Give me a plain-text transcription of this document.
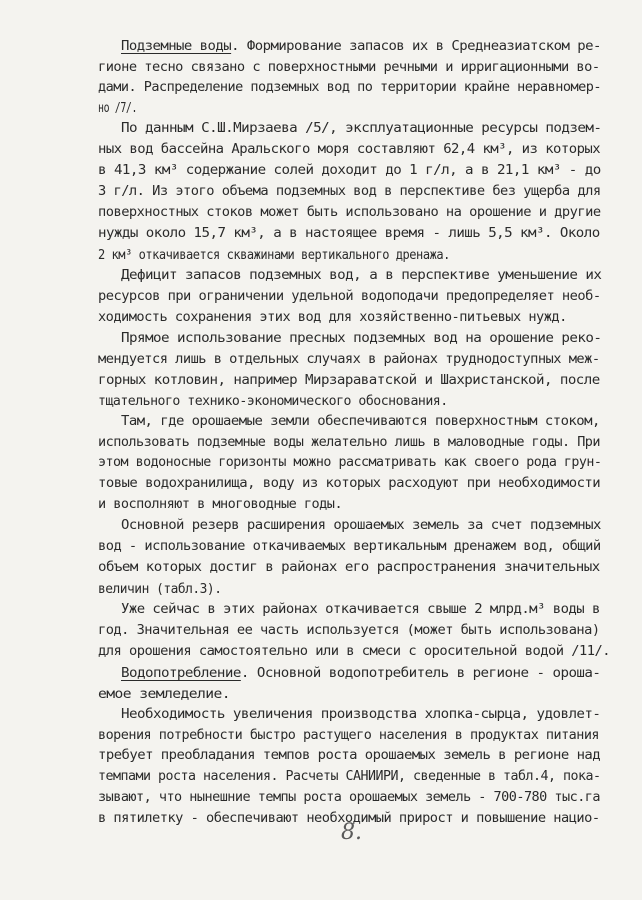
Подземные воды. Формирование запасов их в Среднеазиатском ре-
гионе тесно связано с поверхностными речными и ирригационными во-
дами. Распределение подземных вод по территории крайне неравномер-
но /7/.
По данным С.Ш.Мирзаева /5/, эксплуатационные ресурсы подзем-
ных вод бассейна Аральского моря составляют 62,4 км³, из которых
в 41,3 км³ содержание солей доходит до 1 г/л, а в 21,1 км³ - до
3 г/л. Из этого объема подземных вод в перспективе без ущерба для
поверхностных стоков может быть использовано на орошение и другие
нужды около 15,7 км³, а в настоящее время - лишь 5,5 км³. Около
2 км³ откачивается скважинами вертикального дренажа.
Дефицит запасов подземных вод, а в перспективе уменьшение их
ресурсов при ограничении удельной водоподачи предопределяет необ-
ходимость сохранения этих вод для хозяйственно-питьевых нужд.
Прямое использование пресных подземных вод на орошение реко-
мендуется лишь в отдельных случаях в районах труднодоступных меж-
горных котловин, например Мирзараватской и Шахристанской, после
тщательного технико-экономического обоснования.
Там, где орошаемые земли обеспечиваются поверхностным стоком,
использовать подземные воды желательно лишь в маловодные годы. При
этом водоносные горизонты можно рассматривать как своего рода грун-
товые водохранилища, воду из которых расходуют при необходимости
и восполняют в многоводные годы.
Основной резерв расширения орошаемых земель за счет подземных
вод - использование откачиваемых вертикальным дренажем вод, общий
объем которых достиг в районах его распространения значительных
величин (табл.3).
Уже сейчас в этих районах откачивается свыше 2 млрд.м³ воды в
год. Значительная ее часть используется (может быть использована)
для орошения самостоятельно или в смеси с оросительной водой /11/.
Водопотребление. Основной водопотребитель в регионе - ороша-
емое земледелие.
Необходимость увеличения производства хлопка-сырца, удовлет-
ворения потребности быстро растущего населения в продуктах питания
требует преобладания темпов роста орошаемых земель в регионе над
темпами роста населения. Расчеты САНИИРИ, сведенные в табл.4, пока-
зывают, что нынешние темпы роста орошаемых земель - 700-780 тыс.га
в пятилетку - обеспечивают необходимый прирост и повышение нацио-
8.
